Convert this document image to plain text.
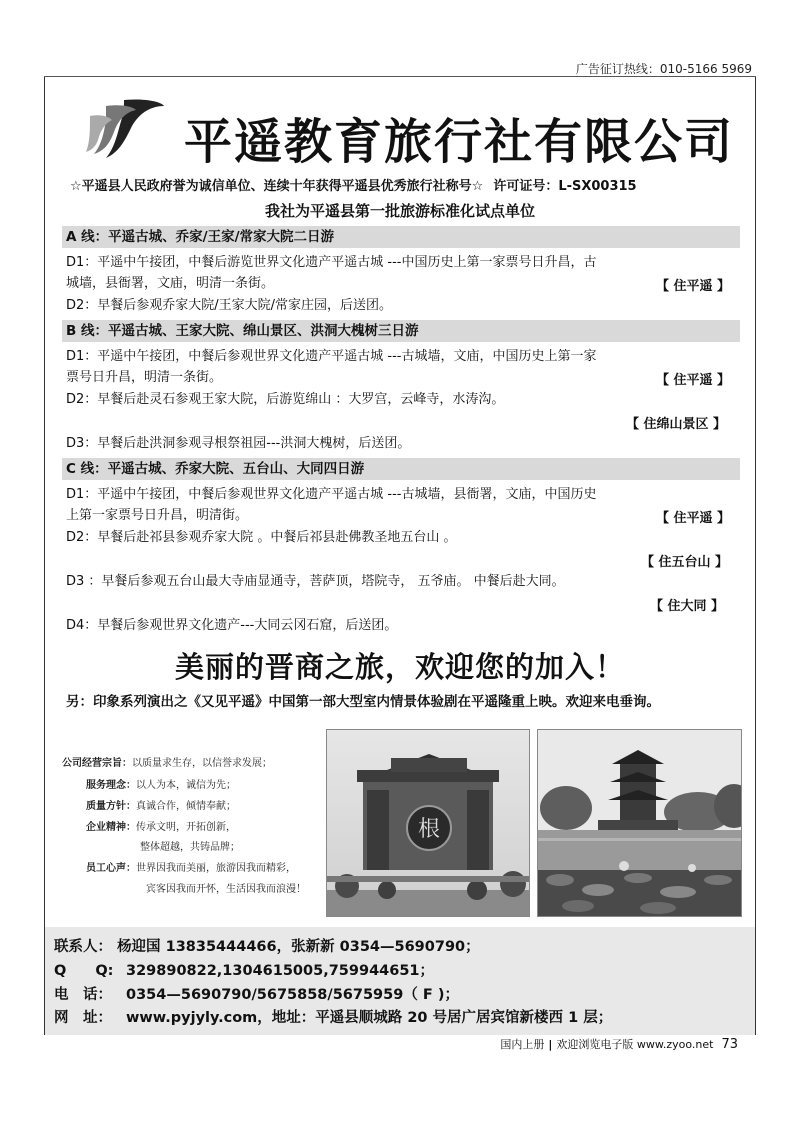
广告征订热线：010-5166 5969
平遥教育旅行社有限公司
☆平遥县人民政府誉为诚信单位、连续十年获得平遥县优秀旅行社称号☆ 许可证号：L-SX00315
我社为平遥县第一批旅游标准化试点单位
A 线：平遥古城、乔家/王家/常家大院二日游
D1：平遥中午接团，中餐后游览世界文化遗产平遥古城 ---中国历史上第一家票号日升昌，古
城墙，县衙署，文庙，明清一条街。	【 住平遥 】
D2：早餐后参观乔家大院/王家大院/常家庄园，后送团。
B 线：平遥古城、王家大院、绵山景区、洪洞大槐树三日游
D1：平遥中午接团，中餐后参观世界文化遗产平遥古城 ---古城墙，文庙，中国历史上第一家
票号日升昌，明清一条街。	【 住平遥 】
D2：早餐后赴灵石参观王家大院，后游览绵山 ：大罗宫，云峰寺，水涛沟。
【 住绵山景区 】
D3：早餐后赴洪洞参观寻根祭祖园---洪洞大槐树，后送团。
C 线：平遥古城、乔家大院、五台山、大同四日游
D1：平遥中午接团，中餐后参观世界文化遗产平遥古城 ---古城墙，县衙署，文庙，中国历史
上第一家票号日升昌，明清街。	【 住平遥 】
D2：早餐后赴祁县参观乔家大院 。中餐后祁县赴佛教圣地五台山 。
【 住五台山 】
D3 ：早餐后参观五台山最大寺庙显通寺，菩萨顶，塔院寺， 五爷庙。 中餐后赴大同。
【 住大同 】
D4：早餐后参观世界文化遗产---大同云冈石窟，后送团。
美丽的晋商之旅，欢迎您的加入！
另：印象系列演出之《又见平遥》中国第一部大型室内情景体验剧在平遥隆重上映。欢迎来电垂询。
公司经营宗旨：以质量求生存，以信誉求发展；
服务理念：以人为本，诚信为先；
质量方针：真诚合作，倾情奉献；
企业精神：传承文明，开拓创新，
整体超越，共铸品牌；
员工心声：世界因我而美丽，旅游因我而精彩，
宾客因我而开怀，生活因我而浪漫！
根
联系人： 杨迎国 13835444466，张新新 0354—5690790；
Q　　Q: 329890822,1304615005,759944651；
电　话： 0354—5690790/5675858/5675959（ F )；
网　址： www.pyjyly.com，地址：平遥县顺城路 20 号居广居宾馆新楼西 1 层；
国内上册 | 欢迎浏览电子版 www.zyoo.net 73
